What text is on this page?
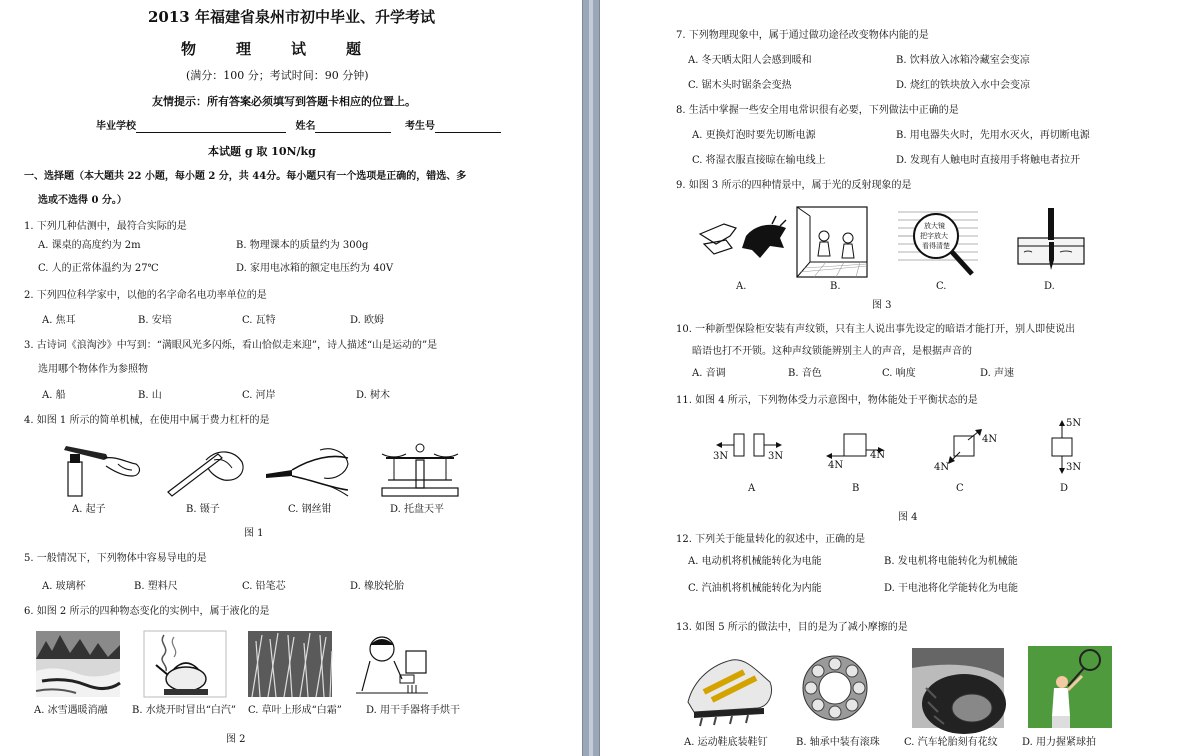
2013 年福建省泉州市初中毕业、升学考试
物理试题
(满分：100 分；考试时间：90 分钟)
友情提示：所有答案必须填写到答题卡相应的位置上。
毕业学校	姓名	考生号
本试题 g 取 10N/kg
一、选择题（本大题共 22 小题，每小题 2 分，共 44分。每小题只有一个选项是正确的，错选、多
选或不选得 0 分。）
1. 下列几种估测中，最符合实际的是
A. 课桌的高度约为 2m	B. 物理课本的质量约为 300g
C. 人的正常体温约为 27℃	D. 家用电冰箱的额定电压约为 40V
2. 下列四位科学家中，以他的名字命名电功率单位的是
A. 焦耳	B. 安培	C. 瓦特	D. 欧姆
3. 古诗词《浪淘沙》中写到：“满眼风光多闪烁，看山恰似走来迎”，诗人描述“山是运动的”是
选用哪个物体作为参照物
A. 船	B. 山	C. 河岸	D. 树木
4. 如图 1 所示的简单机械，在使用中属于费力杠杆的是
A. 起子	B. 镊子	C. 钢丝钳	D. 托盘天平
图 1
5. 一般情况下，下列物体中容易导电的是
A. 玻璃杯	B. 塑料尺	C. 铅笔芯	D. 橡胶轮胎
6. 如图 2 所示的四种物态变化的实例中，属于液化的是
A. 冰雪遇暖消融 B. 水烧开时冒出“白汽” C. 草叶上形成“白霜” D. 用干手器将手烘干
图 2
7. 下列物理现象中，属于通过做功途径改变物体内能的是
A. 冬天晒太阳人会感到暖和	B. 饮料放入冰箱冷藏室会变凉
C. 锯木头时锯条会变热	D. 烧红的铁块放入水中会变凉
8. 生活中掌握一些安全用电常识很有必要，下列做法中正确的是
A. 更换灯泡时要先切断电源	B. 用电器失火时，先用水灭火，再切断电源
C. 将湿衣服直接晾在输电线上	D. 发现有人触电时直接用手将触电者拉开
9. 如图 3 所示的四种情景中，属于光的反射现象的是
放大镜
把字放大
看得清楚
A.	B.	C.	D.
图 3
10. 一种新型保险柜安装有声纹锁，只有主人说出事先设定的暗语才能打开，别人即使说出
暗语也打不开锁。这种声纹锁能辨别主人的声音，是根据声音的
A. 音调	B. 音色	C. 响度	D. 声速
11. 如图 4 所示，下列物体受力示意图中，物体能处于平衡状态的是
3N	3N
4N
4N
4N
4N
5N
3N
A	B	C	D
图 4
12. 下列关于能量转化的叙述中，正确的是
A. 电动机将机械能转化为电能	B. 发电机将电能转化为机械能
C. 汽油机将机械能转化为内能	D. 干电池将化学能转化为电能
13. 如图 5 所示的做法中，目的是为了减小摩擦的是
A. 运动鞋底装鞋钉	B. 轴承中装有滚珠 C. 汽车轮胎刻有花纹 D. 用力握紧球拍
